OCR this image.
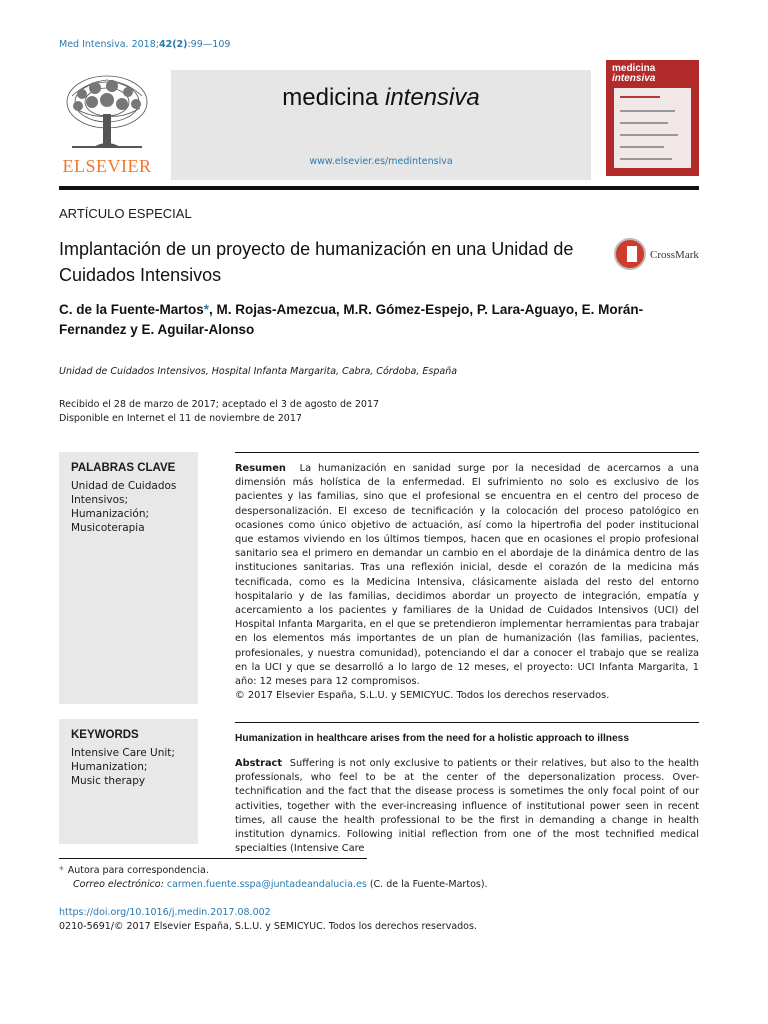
Med Intensiva. 2018;42(2):99—109
ELSEVIER
medicina intensiva
www.elsevier.es/medintensiva
medicina
intensiva
ARTÍCULO ESPECIAL
Implantación de un proyecto de humanización en una Unidad de Cuidados Intensivos
CrossMark
C. de la Fuente-Martos*, M. Rojas-Amezcua, M.R. Gómez-Espejo, P. Lara-Aguayo, E. Morán-Fernandez y E. Aguilar-Alonso
Unidad de Cuidados Intensivos, Hospital Infanta Margarita, Cabra, Córdoba, España
Recibido el 28 de marzo de 2017; aceptado el 3 de agosto de 2017
Disponible en Internet el 11 de noviembre de 2017
PALABRAS CLAVE
Unidad de Cuidados Intensivos;
Humanización;
Musicoterapia
Resumen La humanización en sanidad surge por la necesidad de acercarnos a una dimensión más holística de la enfermedad. El sufrimiento no solo es exclusivo de los pacientes y las familias, sino que el profesional se encuentra en el centro del proceso de despersonalización. El exceso de tecnificación y la colocación del proceso patológico en ocasiones como único objetivo de actuación, así como la hipertrofia del poder institucional que estamos viviendo en los últimos tiempos, hacen que en ocasiones el propio profesional sanitario sea el primero en demandar un cambio en el abordaje de la dinámica dentro de las instituciones sanitarias. Tras una reflexión inicial, desde el corazón de la medicina más tecnificada, como es la Medicina Intensiva, clásicamente aislada del resto del entorno hospitalario y de las familias, decidimos abordar un proyecto de integración, empatía y acercamiento a los pacientes y familiares de la Unidad de Cuidados Intensivos (UCI) del Hospital Infanta Margarita, en el que se pretendieron implementar herramientas para trabajar en los elementos más importantes de un plan de humanización (las familias, pacientes, profesionales, y nuestra comunidad), potenciando el dar a conocer el trabajo que se realiza en la UCI y que se desarrolló a lo largo de 12 meses, el proyecto: UCI Infanta Margarita, 1 año: 12 meses para 12 compromisos.
© 2017 Elsevier España, S.L.U. y SEMICYUC. Todos los derechos reservados.
KEYWORDS
Intensive Care Unit;
Humanization;
Music therapy
Humanization in healthcare arises from the need for a holistic approach to illness
Abstract Suffering is not only exclusive to patients or their relatives, but also to the health professionals, who feel to be at the center of the depersonalization process. Over-technification and the fact that the disease process is sometimes the only focal point of our activities, together with the ever-increasing influence of institutional power seen in recent times, all cause the health professional to be the first in demanding a change in health institution dynamics. Following initial reflection from one of the most technified medical specialties (Intensive Care
* Autora para correspondencia.
Correo electrónico: carmen.fuente.sspa@juntadeandalucia.es (C. de la Fuente-Martos).
https://doi.org/10.1016/j.medin.2017.08.002
0210-5691/© 2017 Elsevier España, S.L.U. y SEMICYUC. Todos los derechos reservados.
